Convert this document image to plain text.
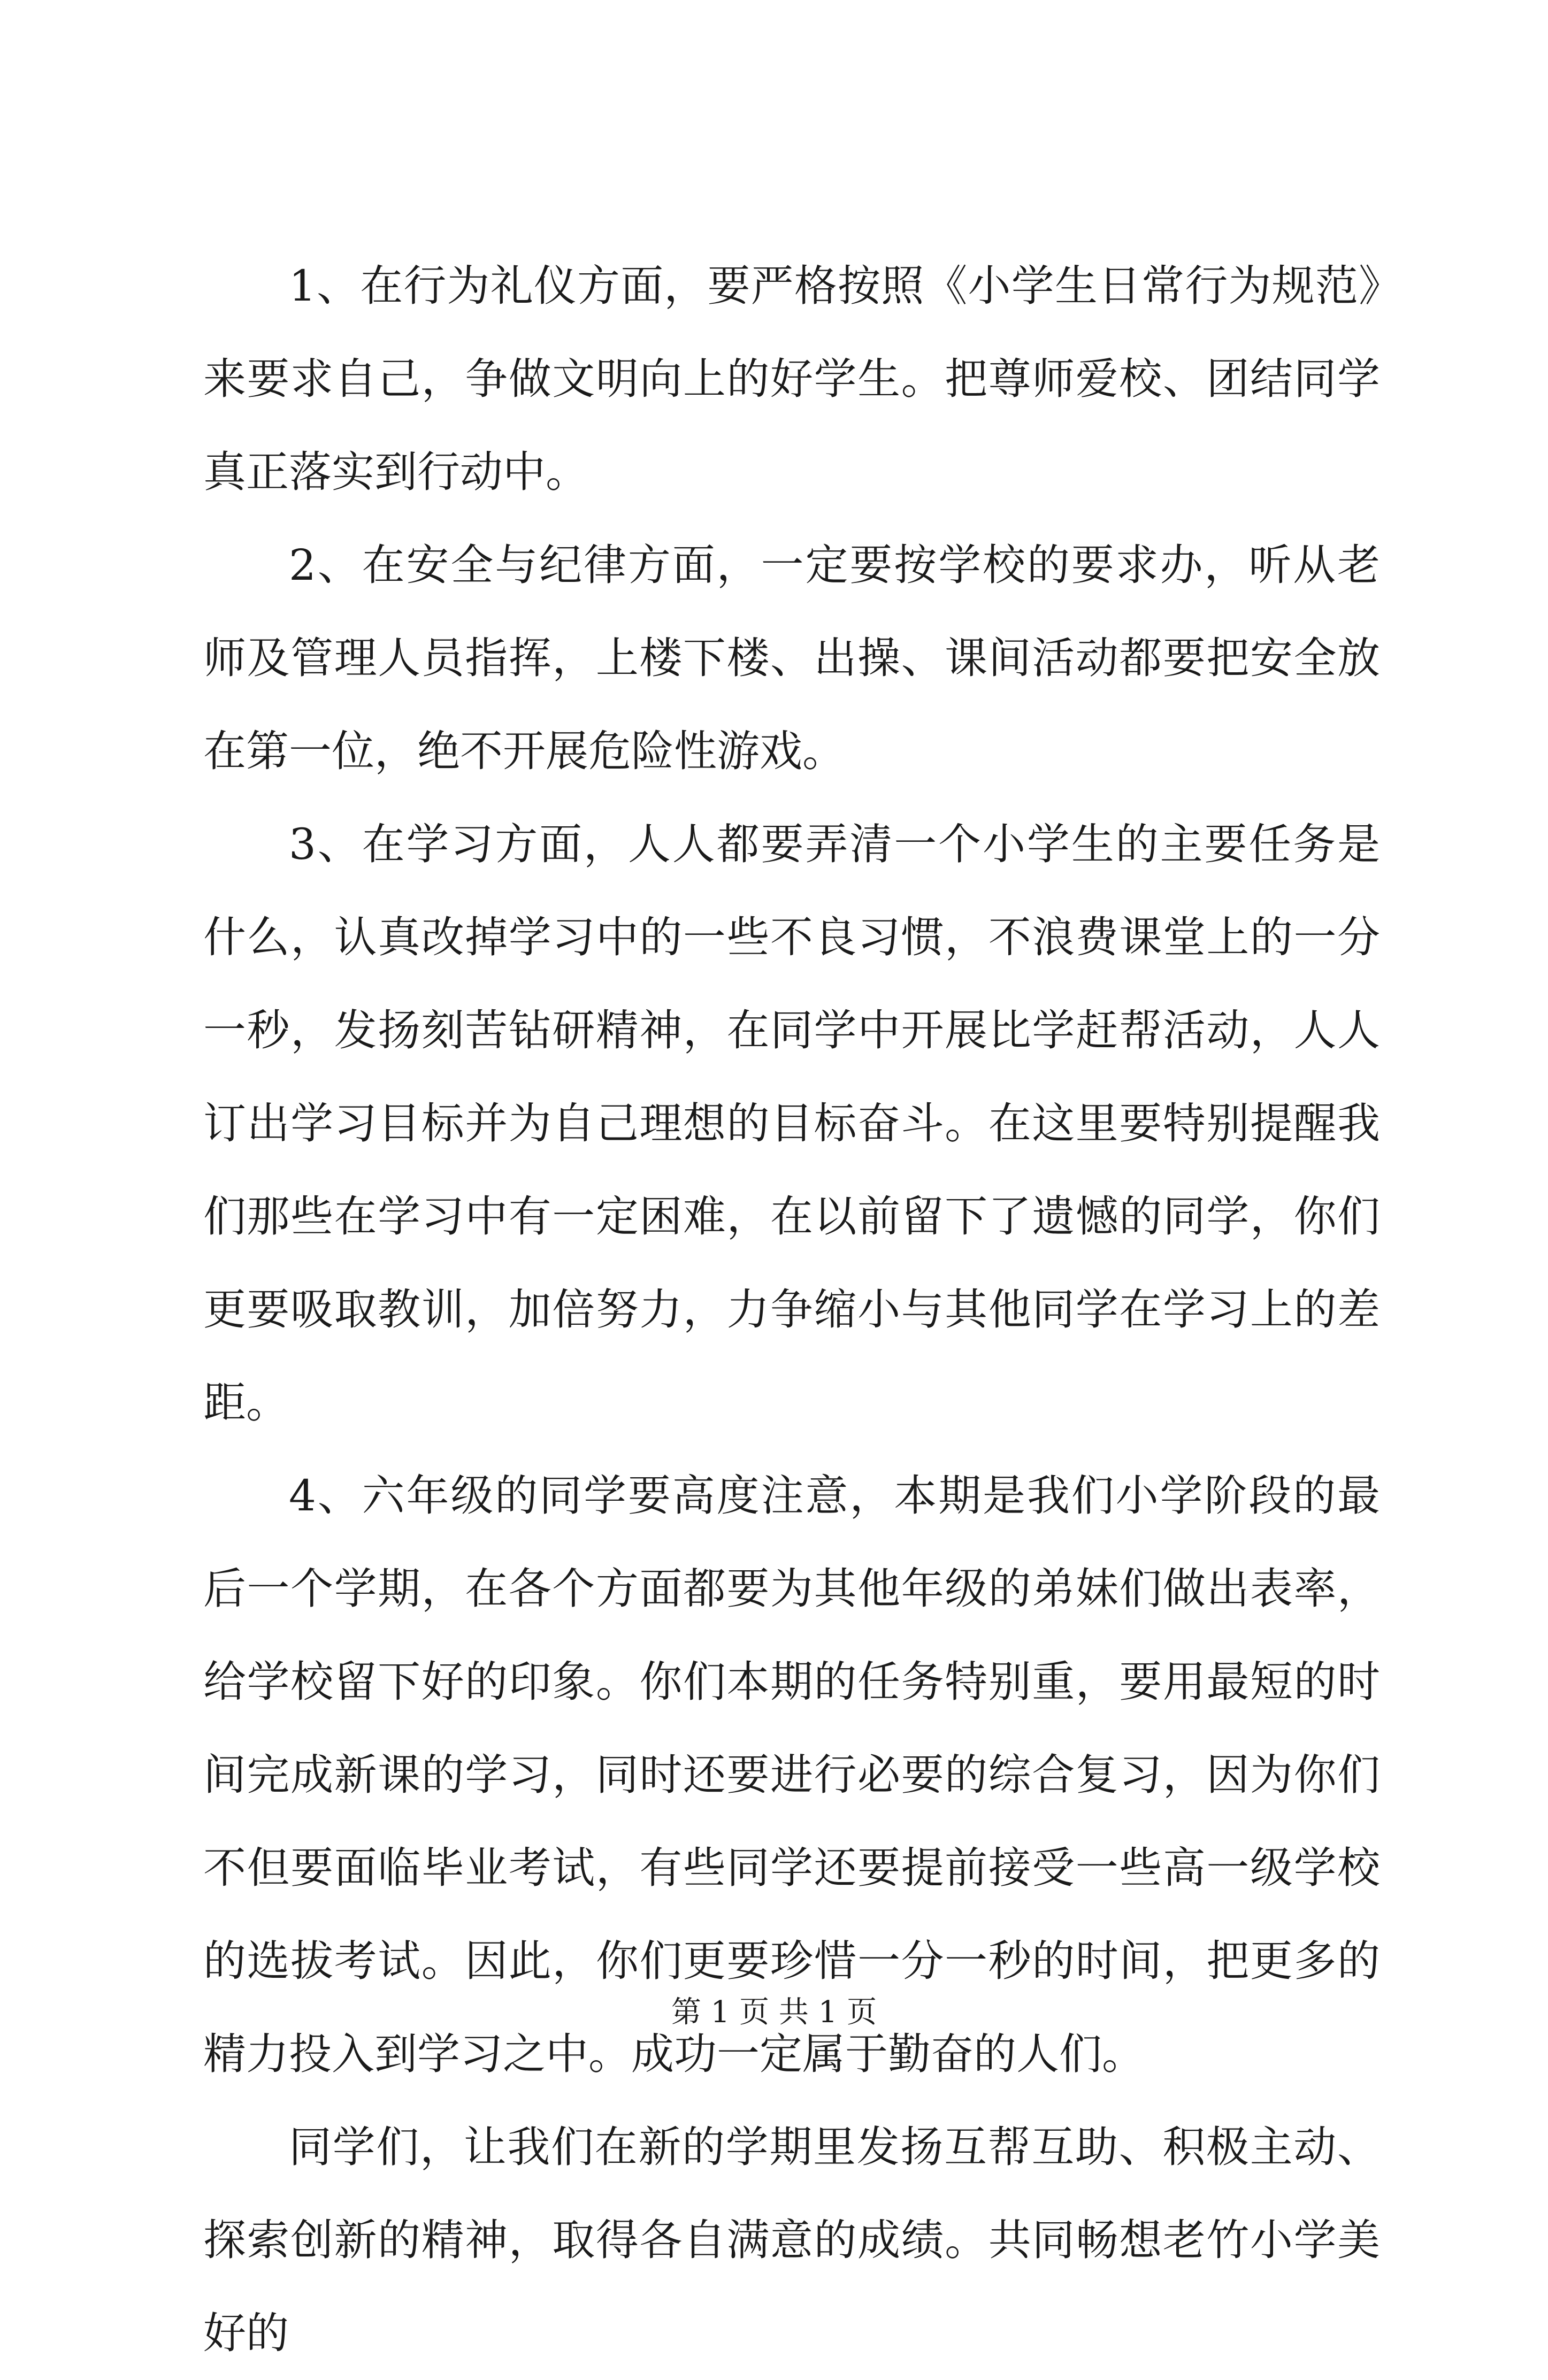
1、在行为礼仪方面，要严格按照《小学生日常行为规范》来要求自己，争做文明向上的好学生。把尊师爱校、团结同学真正落实到行动中。

2、在安全与纪律方面，一定要按学校的要求办，听从老师及管理人员指挥，上楼下楼、出操、课间活动都要把安全放在第一位，绝不开展危险性游戏。

3、在学习方面，人人都要弄清一个小学生的主要任务是什么，认真改掉学习中的一些不良习惯，不浪费课堂上的一分一秒，发扬刻苦钻研精神，在同学中开展比学赶帮活动，人人订出学习目标并为自己理想的目标奋斗。在这里要特别提醒我们那些在学习中有一定困难，在以前留下了遗憾的同学，你们更要吸取教训，加倍努力，力争缩小与其他同学在学习上的差距。

4、六年级的同学要高度注意，本期是我们小学阶段的最后一个学期，在各个方面都要为其他年级的弟妹们做出表率，给学校留下好的印象。你们本期的任务特别重，要用最短的时间完成新课的学习，同时还要进行必要的综合复习，因为你们不但要面临毕业考试，有些同学还要提前接受一些高一级学校的选拔考试。因此，你们更要珍惜一分一秒的时间，把更多的精力投入到学习之中。成功一定属于勤奋的人们。

同学们，让我们在新的学期里发扬互帮互助、积极主动、探索创新的精神，取得各自满意的成绩。共同畅想老竹小学美好的

第 1 页 共 1 页
